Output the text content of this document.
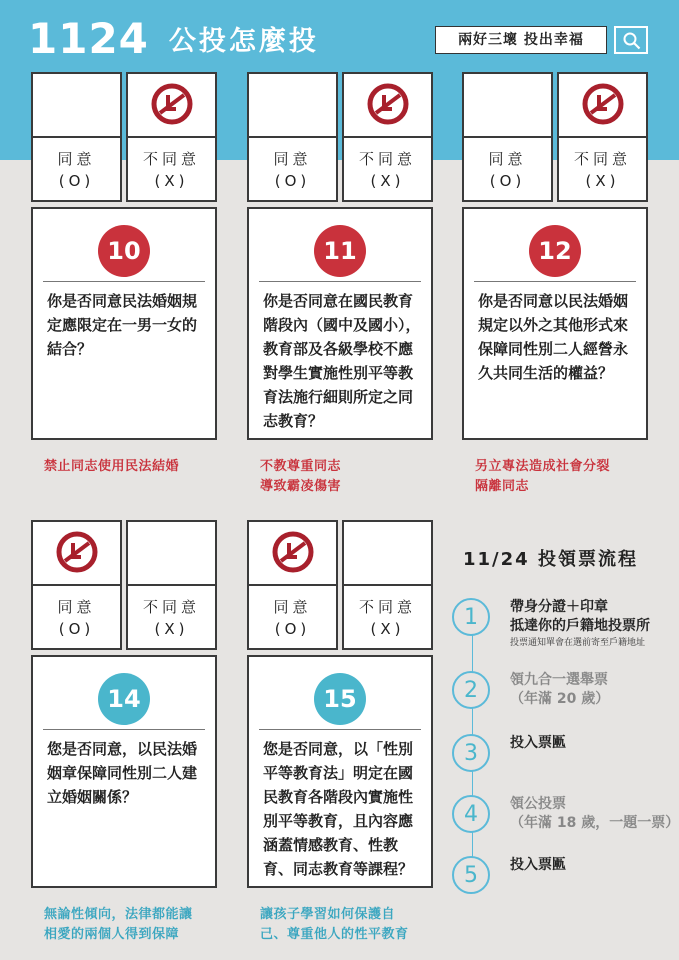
1124 公投怎麼投	兩好三壞 投出幸福
同意
(O)
不同意
(X)
10
你是否同意民法婚姻規定應限定在一男一女的結合？
禁止同志使用民法結婚
同意
(O)
不同意
(X)
11
你是否同意在國民教育階段內（國中及國小），教育部及各級學校不應對學生實施性別平等教育法施行細則所定之同志教育？
不教尊重同志
導致霸凌傷害
同意
(O)
不同意
(X)
12
你是否同意以民法婚姻規定以外之其他形式來保障同性別二人經營永久共同生活的權益？
另立專法造成社會分裂
隔離同志
同意
(O)
不同意
(X)
14
您是否同意，以民法婚姻章保障同性別二人建立婚姻關係？
無論性傾向，法律都能讓
相愛的兩個人得到保障
同意
(O)
不同意
(X)
15
您是否同意，以「性別平等教育法」明定在國民教育各階段內實施性別平等教育，且內容應涵蓋情感教育、性教育、同志教育等課程？
讓孩子學習如何保護自
己、尊重他人的性平教育
11/24 投領票流程
1	帶身分證＋印章
抵達你的戶籍地投票所
投票通知單會在選前寄至戶籍地址
2	領九合一選舉票
（年滿 20 歲）
3	投入票匭
4	領公投票
（年滿 18 歲，一題一票）
5	投入票匭
